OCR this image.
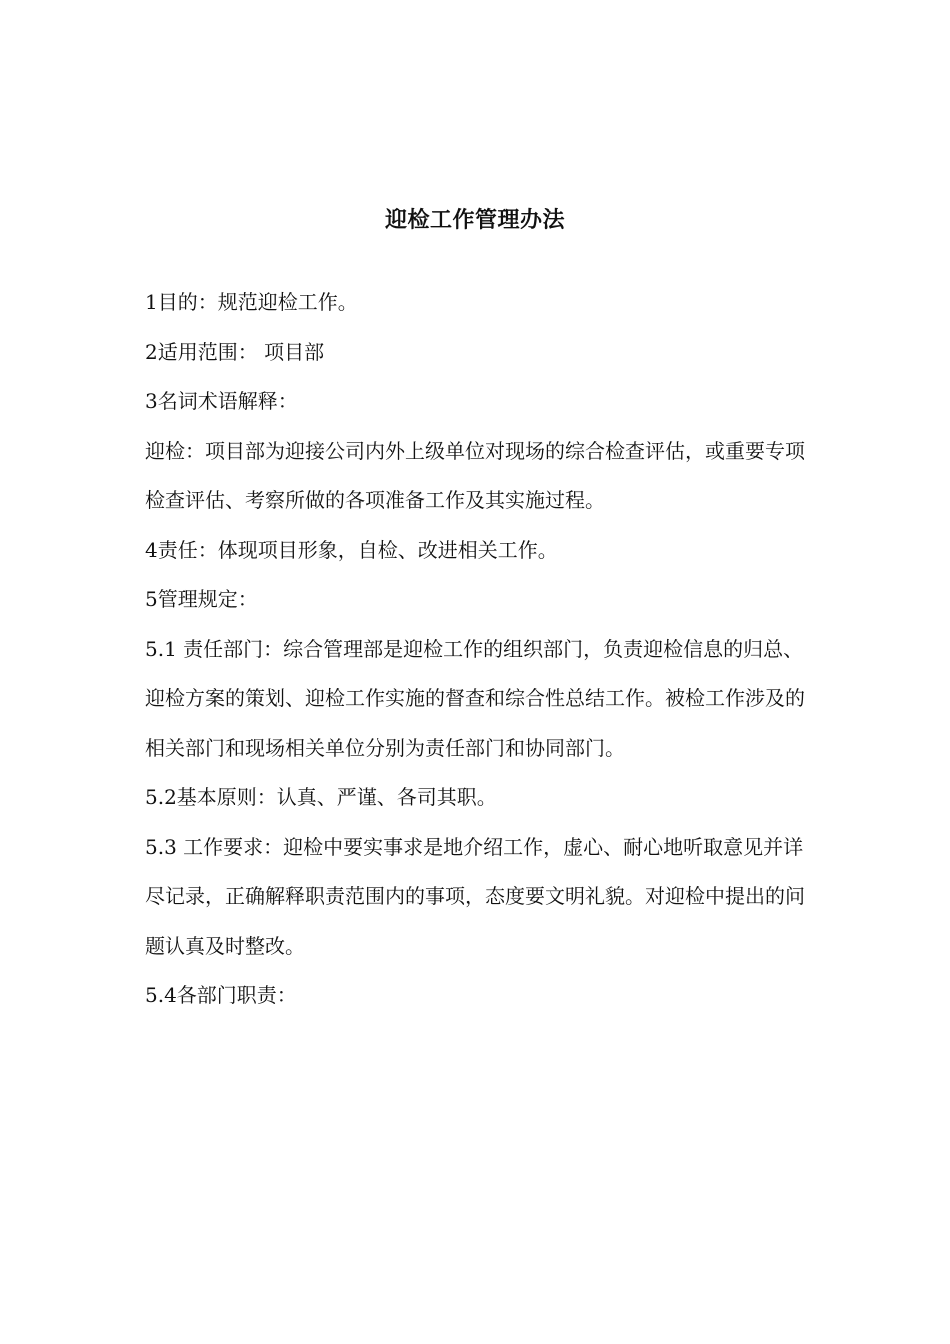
迎检工作管理办法

1目的：规范迎检工作。

2适用范围： 项目部

3名词术语解释：

迎检：项目部为迎接公司内外上级单位对现场的综合检查评估，或重要专项检查评估、考察所做的各项准备工作及其实施过程。

4责任：体现项目形象，自检、改进相关工作。

5管理规定：

5.1 责任部门：综合管理部是迎检工作的组织部门，负责迎检信息的归总、迎检方案的策划、迎检工作实施的督查和综合性总结工作。被检工作涉及的相关部门和现场相关单位分别为责任部门和协同部门。

5.2基本原则：认真、严谨、各司其职。

5.3 工作要求：迎检中要实事求是地介绍工作，虚心、耐心地听取意见并详尽记录，正确解释职责范围内的事项，态度要文明礼貌。对迎检中提出的问题认真及时整改。

5.4各部门职责：
